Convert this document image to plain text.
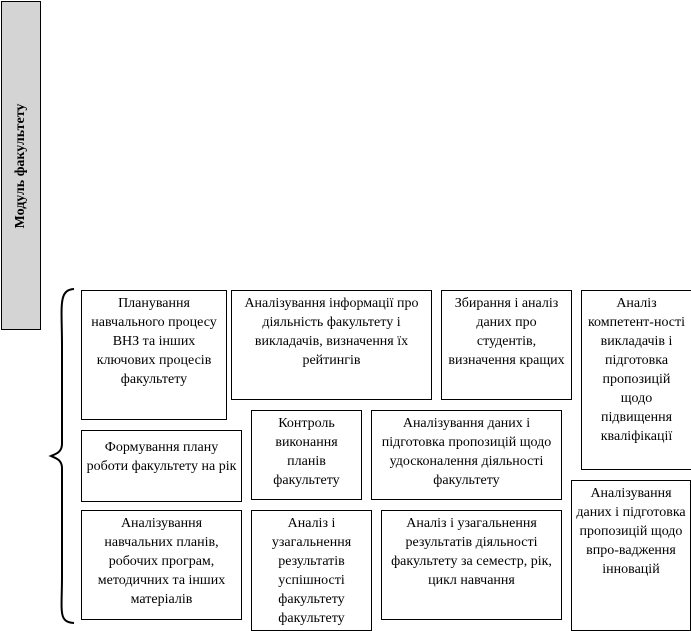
Модуль факультету
Планування навчального процесу ВНЗ та інших ключових процесів факультету
Аналізування інформації про діяльність факультету і викладачів, визначення їх рейтингів
Збирання і аналіз даних про студентів, визначення кращих
Аналіз компетент-ності викладачів і підготовка пропозицій щодо підвищення кваліфікації
Формування плану роботи факультету на рік
Контроль виконання планів факультету
Аналізування даних і підготовка пропозицій щодо удосконалення діяльності факультету
Аналізування даних і підготовка пропозицій щодо впро-вадження інновацій
Аналізування навчальних планів, робочих програм, методичних та інших матеріалів
Аналіз і узагальнення результатів успішності факультету факультету
Аналіз і узагальнення результатів діяльності факультету за семестр, рік, цикл навчання
